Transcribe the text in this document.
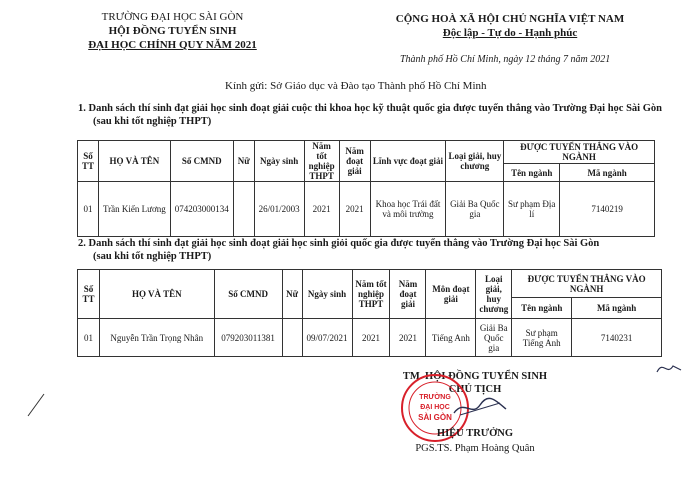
TRƯỜNG ĐẠI HỌC SÀI GÒN
HỘI ĐỒNG TUYỂN SINH
ĐẠI HỌC CHÍNH QUY NĂM 2021
CỘNG HOÀ XÃ HỘI CHỦ NGHĨA VIỆT NAM
Độc lập - Tự do - Hạnh phúc
Thành phố Hồ Chí Minh, ngày 12 tháng 7 năm 2021
Kính gửi: Sở Giáo dục và Đào tạo Thành phố Hồ Chí Minh
1. Danh sách thí sinh đạt giải học sinh đoạt giải cuộc thi khoa học kỹ thuật quốc gia được tuyển thẳng vào Trường Đại học Sài Gòn
(sau khi tốt nghiệp THPT)
Số TT	HỌ VÀ TÊN	Số CMND	Nữ	Ngày sinh	Năm tốt nghiệp THPT	Năm đoạt giải	Lĩnh vực đoạt giải	Loại giải, huy chương	ĐƯỢC TUYỂN THẲNG VÀO NGÀNH	
									Tên ngành	Mã ngành
01	Trần Kiến Lương	074203000134		26/01/2003	2021	2021	Khoa học Trái đất và môi trường	Giải Ba Quốc gia	Sư phạm Địa lí	7140219
2. Danh sách thí sinh đạt giải học sinh đoạt giải học sinh giỏi quốc gia được tuyển thẳng vào Trường Đại học Sài Gòn
(sau khi tốt nghiệp THPT)
Số TT	HỌ VÀ TÊN	Số CMND	Nữ	Ngày sinh	Năm tốt nghiệp THPT	Năm đoạt giải	Môn đoạt giải	Loại giải, huy chương	ĐƯỢC TUYỂN THẲNG VÀO NGÀNH	
									Tên ngành	Mã ngành
01	Nguyễn Trần Trọng Nhân	079203011381		09/07/2021	2021	2021	Tiếng Anh	Giải Ba Quốc gia	Sư phạm Tiếng Anh	7140231
TM. HỘI ĐỒNG TUYỂN SINH
CHỦ TỊCH
TRƯỜNG
ĐẠI HỌC
SÀI GÒN
HIỆU TRƯỞNG
PGS.TS. Phạm Hoàng Quân
